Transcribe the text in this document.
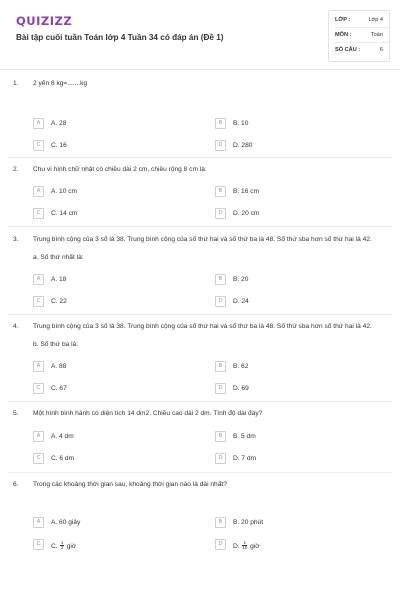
QUIZIZZ
Bài tập cuối tuần Toán lớp 4 Tuần 34 có đáp án (Đề 1)
LỚP :	Lớp 4
MÔN :	Toán
SỐ CÂU :	6
1. 2 yến 8 kg=.......kg
A	A. 28	B	B. 10
C	C. 16	D	D. 280
2. Chu vi hình chữ nhật có chiều dài 2 cm, chiều rộng 8 cm là:
A	A. 10 cm	B	B. 16 cm
C	C. 14 cm	D	D. 20 cm
3. Trung bình cộng của 3 số là 38. Trung bình cộng của số thứ hai và số thứ ba là 48. Số thứ sba hơn số thứ hai là 42.
a. Số thứ nhất là:
A	A. 18	B	B. 20
C	C. 22	D	D. 24
4. Trung bình cộng của 3 số là 38. Trung bình cộng của số thứ hai và số thứ ba là 48. Số thứ sba hơn số thứ hai là 42.
b. Số thứ ba là:
A	A. 88	B	B. 62
C	C. 67	D	D. 69
5. Một hình bình hành có diện tích 14 dm2. Chiều cao dài 2 dm. Tính độ dài đáy?
A	A. 4 dm	B	B. 5 dm
C	C. 6 dm	D	D. 7 dm
6. Trong các khoảng thời gian sau, khoảng thời gian nào là dài nhất?
A	A. 60 giây	B	B. 20 phút
C	C. $\frac{1}{2}$ giờ	D	D. $\frac{1}{10}$ giờ
